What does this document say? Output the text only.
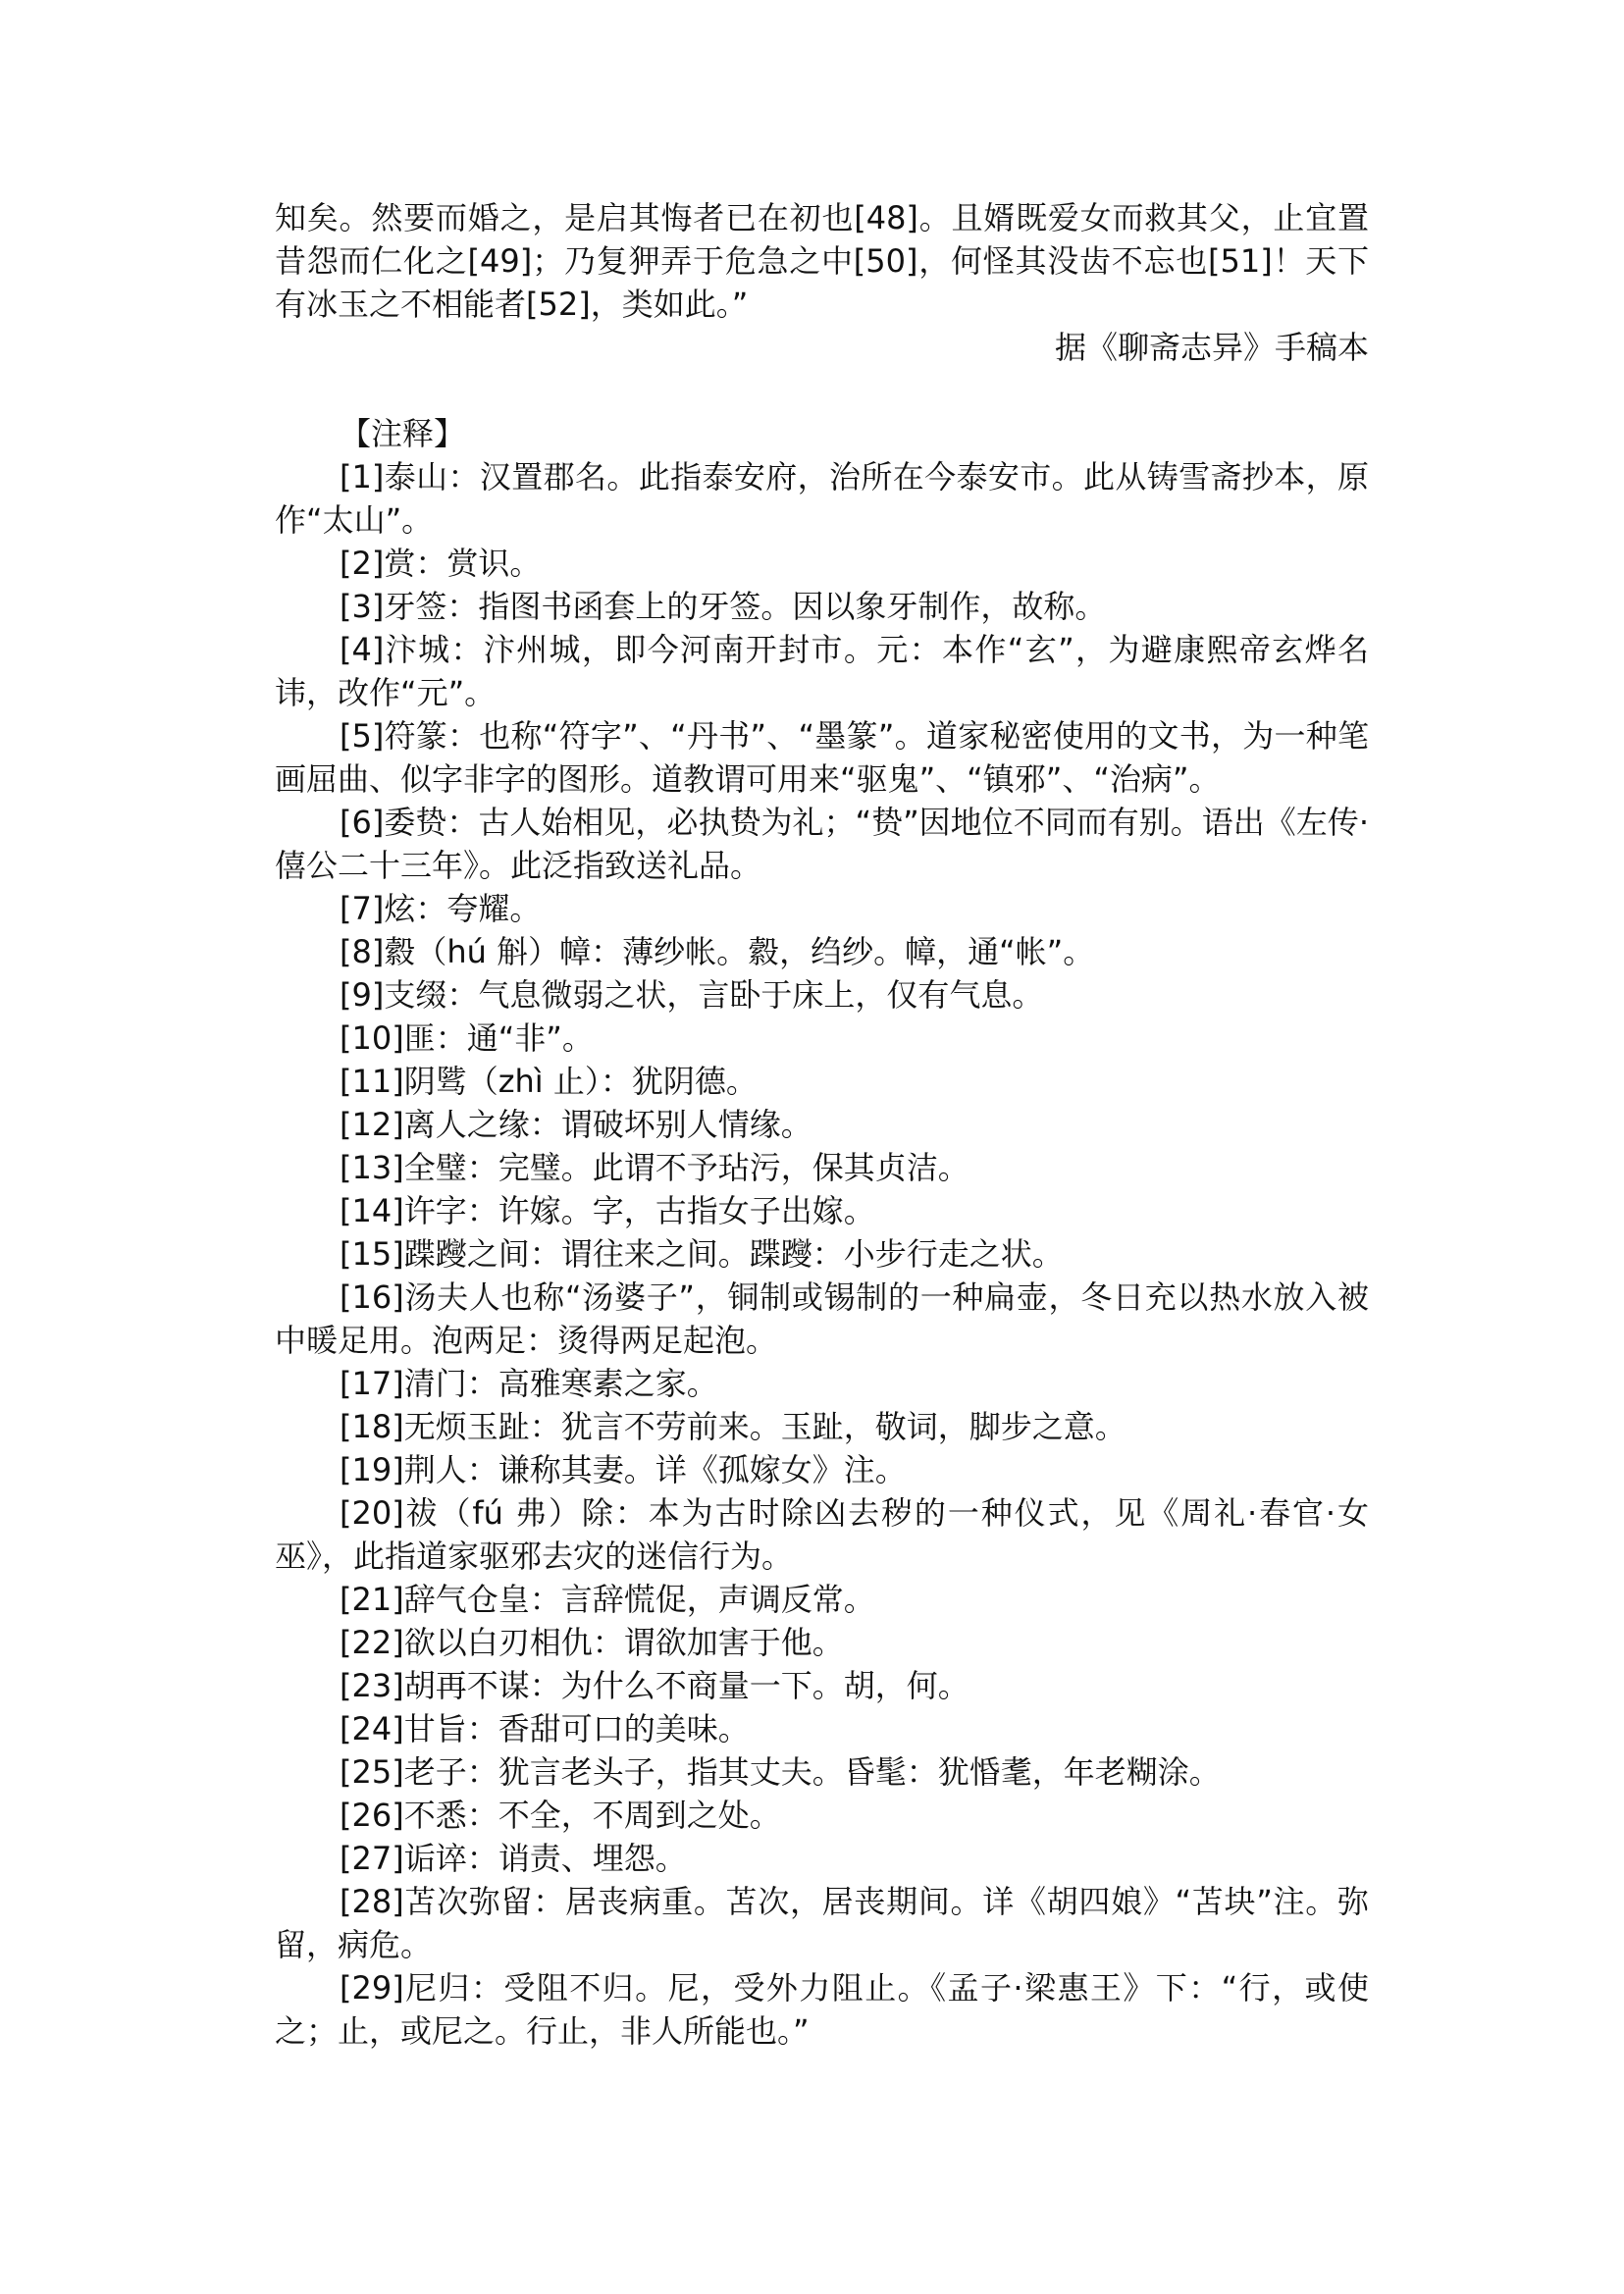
知矣。然要而婚之，是启其悔者已在初也[48]。且婿既爱女而救其父，止宜置昔怨而仁化之[49]；乃复狎弄于危急之中[50]，何怪其没齿不忘也[51]！天下有冰玉之不相能者[52]，类如此。”

据《聊斋志异》手稿本

【注释】

[1]泰山：汉置郡名。此指泰安府，治所在今泰安市。此从铸雪斋抄本，原作“太山”。

[2]赏：赏识。

[3]牙签：指图书函套上的牙签。因以象牙制作，故称。

[4]汴城：汴州城，即今河南开封市。元：本作“玄”，为避康熙帝玄烨名讳，改作“元”。

[5]符篆：也称“符字”、“丹书”、“墨篆”。道家秘密使用的文书，为一种笔画屈曲、似字非字的图形。道教谓可用来“驱鬼”、“镇邪”、“治病”。

[6]委贽：古人始相见，必执贽为礼；“贽”因地位不同而有别。语出《左传·僖公二十三年》。此泛指致送礼品。

[7]炫：夸耀。

[8]縠（hú 斛）幛：薄纱帐。縠，绉纱。幛，通“帐”。

[9]支缀：气息微弱之状，言卧于床上，仅有气息。

[10]匪：通“非”。

[11]阴骘（zhì 止）：犹阴德。

[12]离人之缘：谓破坏别人情缘。

[13]全璧：完璧。此谓不予玷污，保其贞洁。

[14]许字：许嫁。字，古指女子出嫁。

[15]蹀躞之间：谓往来之间。蹀躞：小步行走之状。

[16]汤夫人也称“汤婆子”，铜制或锡制的一种扁壶，冬日充以热水放入被中暖足用。泡两足：烫得两足起泡。

[17]清门：高雅寒素之家。

[18]无烦玉趾：犹言不劳前来。玉趾，敬词，脚步之意。

[19]荆人：谦称其妻。详《孤嫁女》注。

[20]祓（fú 弗）除：本为古时除凶去秽的一种仪式，见《周礼·春官·女巫》，此指道家驱邪去灾的迷信行为。

[21]辞气仓皇：言辞慌促，声调反常。

[22]欲以白刃相仇：谓欲加害于他。

[23]胡再不谋：为什么不商量一下。胡，何。

[24]甘旨：香甜可口的美味。

[25]老子：犹言老头子，指其丈夫。昏髦：犹惛耄，年老糊涂。

[26]不悉：不全，不周到之处。

[27]诟谇：诮责、埋怨。

[28]苫次弥留：居丧病重。苫次，居丧期间。详《胡四娘》“苫块”注。弥留，病危。

[29]尼归：受阻不归。尼，受外力阻止。《孟子·梁惠王》下：“行，或使之；止，或尼之。行止，非人所能也。”
